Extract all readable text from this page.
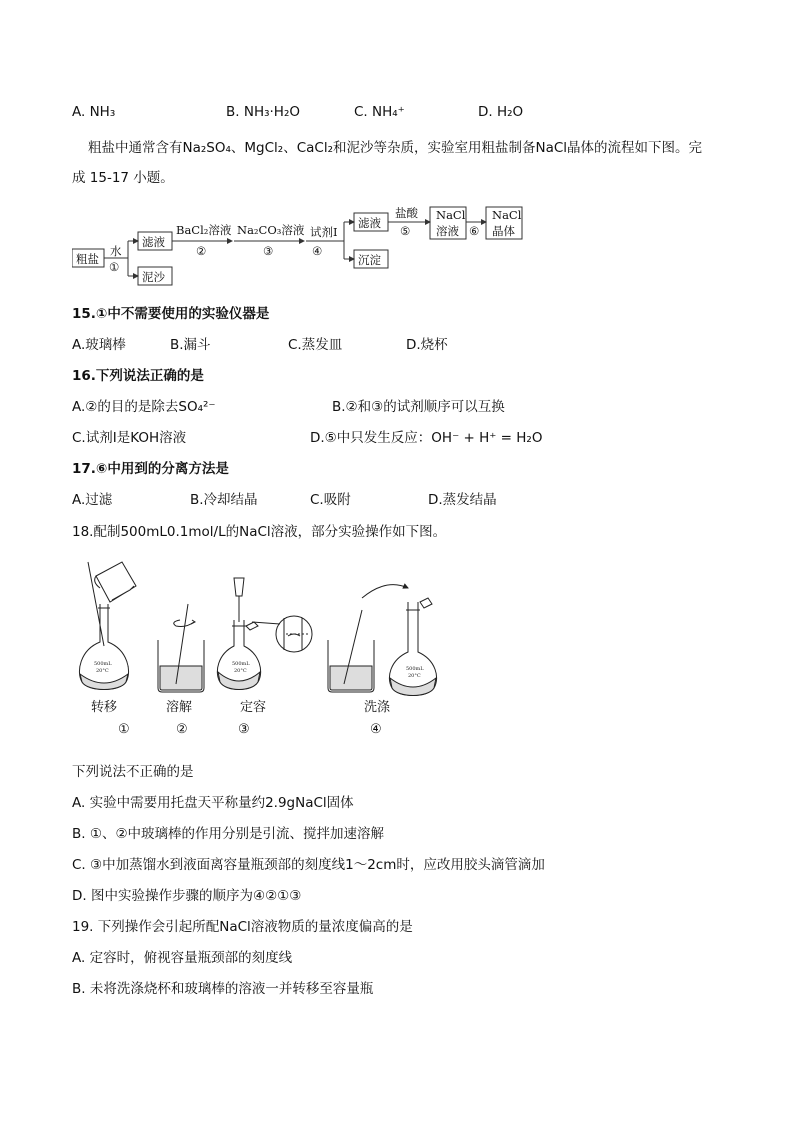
A. NH₃	B. NH₃·H₂O	C. NH₄⁺	D. H₂O
粗盐中通常含有Na₂SO₄、MgCl₂、CaCl₂和泥沙等杂质，实验室用粗盐制备NaCl晶体的流程如下图。完
成 15-17 小题。
粗盐
水
①
滤液
泥沙
BaCl₂溶液
②
Na₂CO₃溶液
③
试剂I
④
滤液
沉淀
盐酸
⑤
NaCl
溶液 ⑥
NaCl
晶体
15.①中不需要使用的实验仪器是
A.玻璃棒	B.漏斗	C.蒸发皿	D.烧杯
16.下列说法正确的是
A.②的目的是除去SO₄²⁻	B.②和③的试剂顺序可以互换
C.试剂I是KOH溶液	D.⑤中只发生反应：OH⁻ + H⁺ = H₂O
17.⑥中用到的分离方法是
A.过滤	B.冷却结晶	C.吸附	D.蒸发结晶
18.配制500mL0.1mol/L的NaCl溶液，部分实验操作如下图。
500mL
20°C
500mL
20°C	500mL
20°C
转移	溶解	定容	洗涤
①	②	③	④
下列说法不正确的是
A. 实验中需要用托盘天平称量约2.9gNaCl固体
B. ①、②中玻璃棒的作用分别是引流、搅拌加速溶解
C. ③中加蒸馏水到液面离容量瓶颈部的刻度线1～2cm时，应改用胶头滴管滴加
D. 图中实验操作步骤的顺序为④②①③
19. 下列操作会引起所配NaCl溶液物质的量浓度偏高的是
A. 定容时，俯视容量瓶颈部的刻度线
B. 未将洗涤烧杯和玻璃棒的溶液一并转移至容量瓶
